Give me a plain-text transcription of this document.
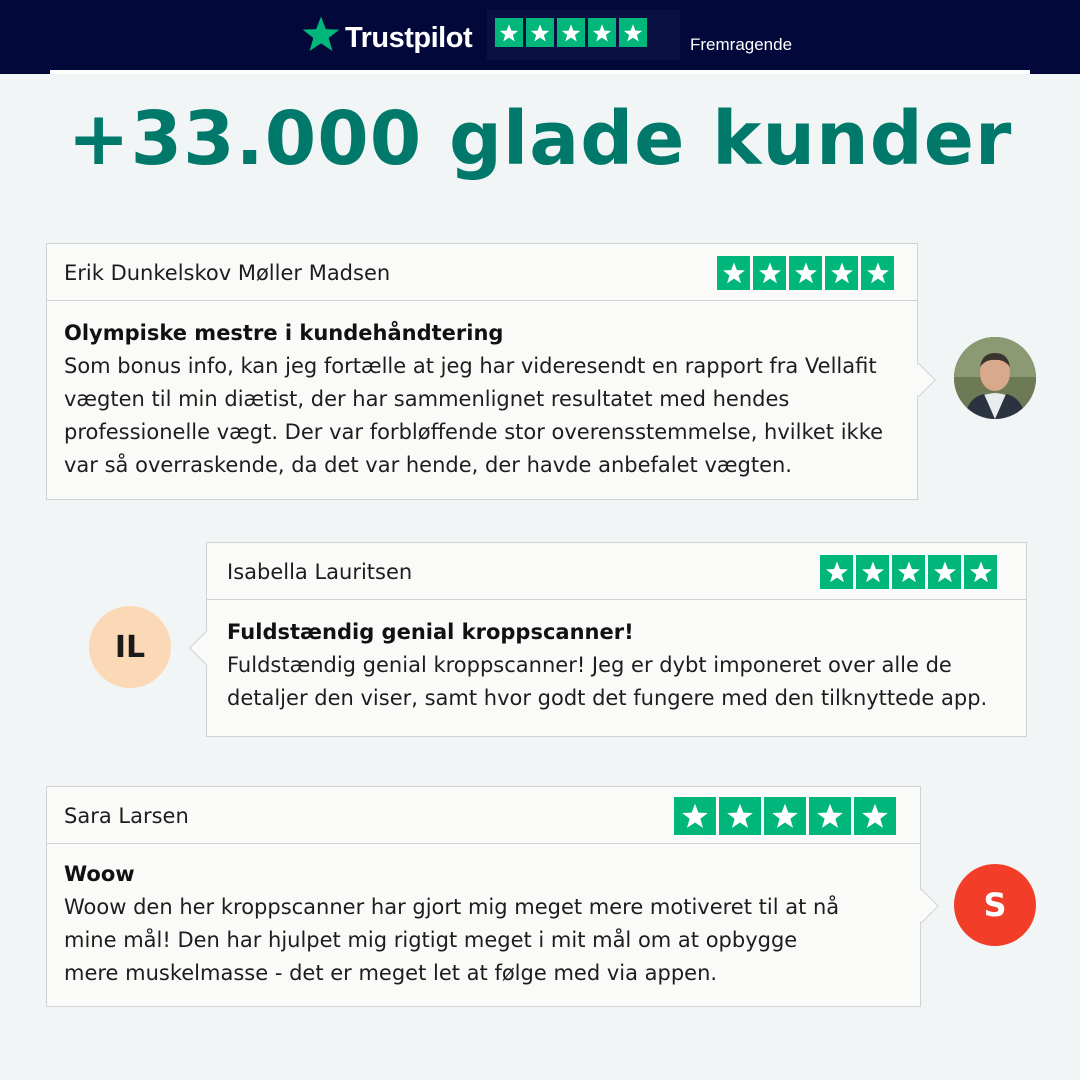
Trustpilot	Fremragende
+33.000 glade kunder
Erik Dunkelskov Møller Madsen
Olympiske mestre i kundehåndtering
Som bonus info, kan jeg fortælle at jeg har videresendt en rapport fra Vellafit vægten til min diætist, der har sammenlignet resultatet med hendes professionelle vægt. Der var forbløffende stor overensstemmelse, hvilket ikke var så overraskende, da det var hende, der havde anbefalet vægten.
Isabella Lauritsen
Fuldstændig genial kroppscanner!
Fuldstændig genial kroppscanner! Jeg er dybt imponeret over alle de detaljer den viser, samt hvor godt det fungere med den tilknyttede app.
IL
Sara Larsen
Woow
Woow den her kroppscanner har gjort mig meget mere motiveret til at nå mine mål! Den har hjulpet mig rigtigt meget i mit mål om at opbygge mere muskelmasse - det er meget let at følge med via appen.
S
